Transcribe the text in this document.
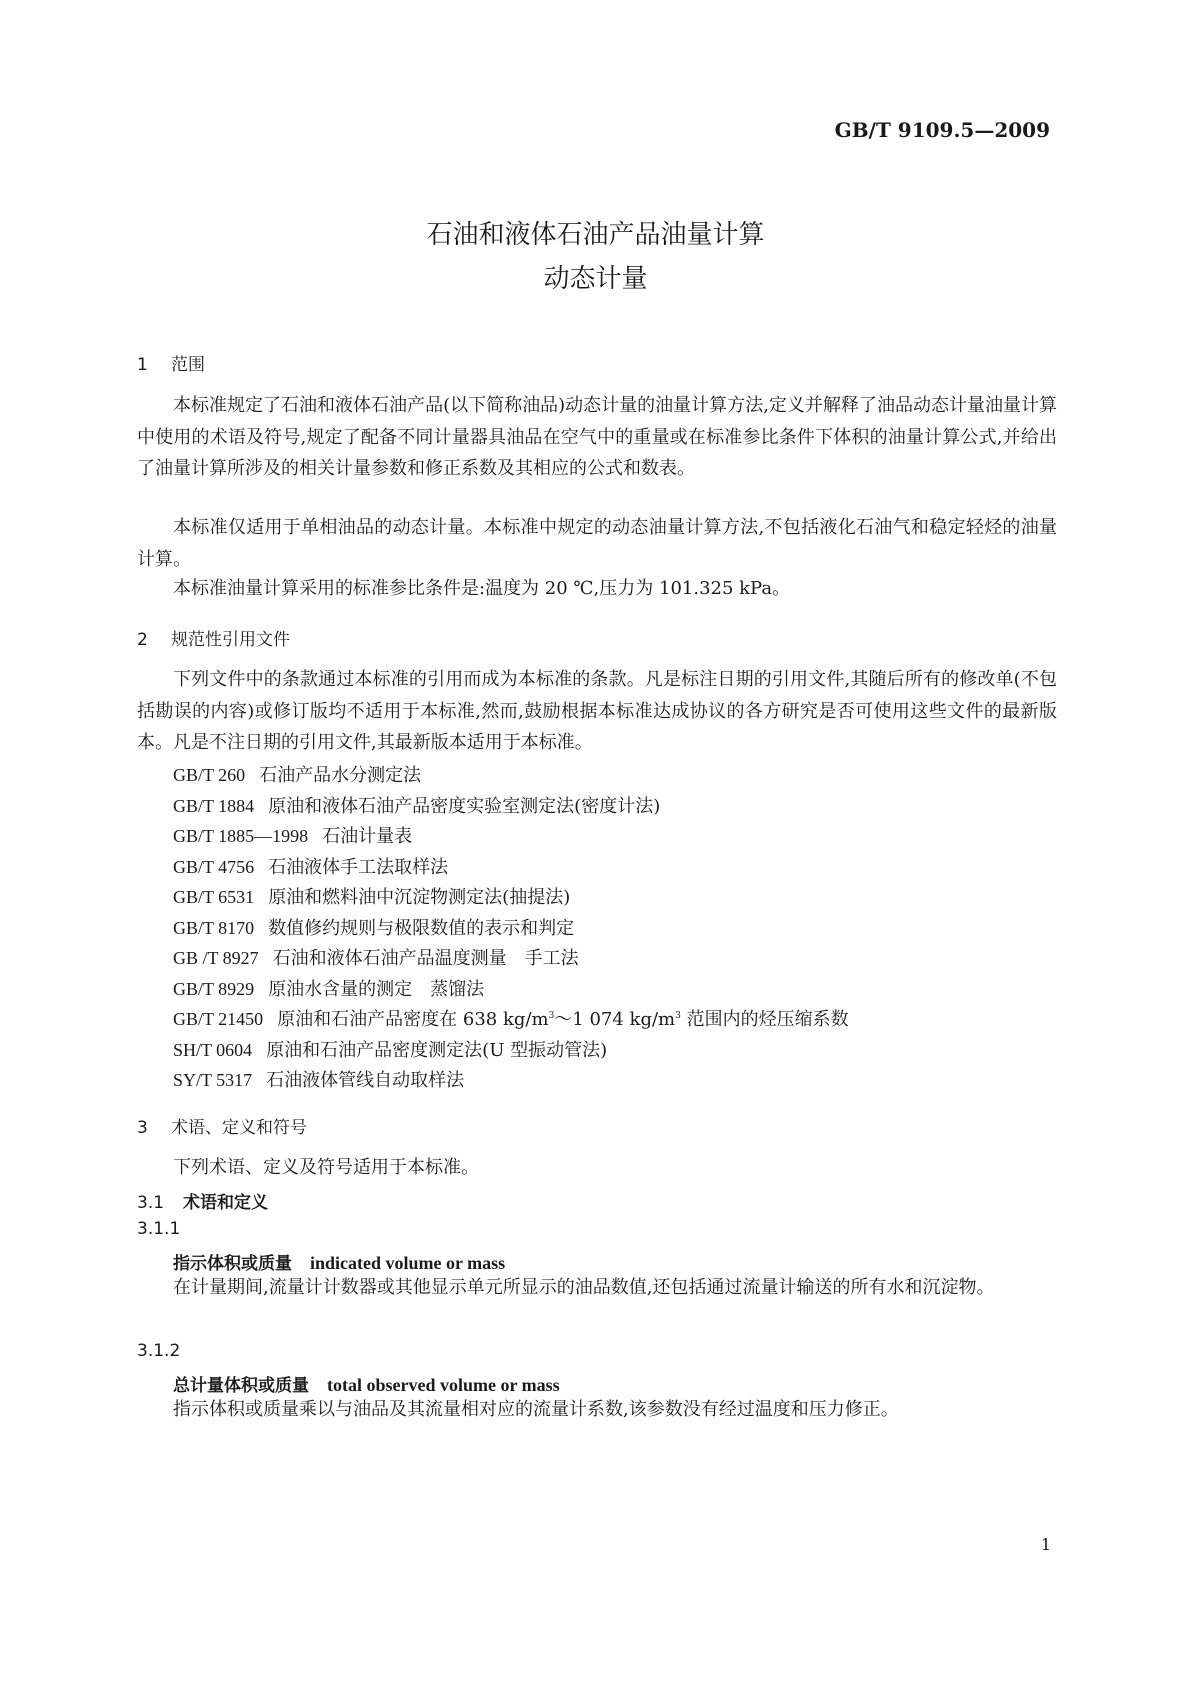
GB/T 9109.5—2009
石油和液体石油产品油量计算
动态计量
1 范围
本标准规定了石油和液体石油产品(以下简称油品)动态计量的油量计算方法,定义并解释了油品动态计量油量计算中使用的术语及符号,规定了配备不同计量器具油品在空气中的重量或在标准参比条件下体积的油量计算公式,并给出了油量计算所涉及的相关计量参数和修正系数及其相应的公式和数表。
本标准仅适用于单相油品的动态计量。本标准中规定的动态油量计算方法,不包括液化石油气和稳定轻烃的油量计算。
本标准油量计算采用的标准参比条件是:温度为 20 ℃,压力为 101.325 kPa。
2 规范性引用文件
下列文件中的条款通过本标准的引用而成为本标准的条款。凡是标注日期的引用文件,其随后所有的修改单(不包括勘误的内容)或修订版均不适用于本标准,然而,鼓励根据本标准达成协议的各方研究是否可使用这些文件的最新版本。凡是不注日期的引用文件,其最新版本适用于本标准。
GB/T 260 石油产品水分测定法
GB/T 1884 原油和液体石油产品密度实验室测定法(密度计法)
GB/T 1885—1998 石油计量表
GB/T 4756 石油液体手工法取样法
GB/T 6531 原油和燃料油中沉淀物测定法(抽提法)
GB/T 8170 数值修约规则与极限数值的表示和判定
GB /T 8927 石油和液体石油产品温度测量　手工法
GB/T 8929 原油水含量的测定　蒸馏法
GB/T 21450 原油和石油产品密度在 638 $kg/m^3\sim 1$ 074 $kg/m^3$ 范围内的烃压缩系数
SH/T 0604 原油和石油产品密度测定法(U 型振动管法)
SY/T 5317 石油液体管线自动取样法
3 术语、定义和符号
下列术语、定义及符号适用于本标准。
3.1 术语和定义
3.1.1
指示体积或质量 indicated volume or mass
在计量期间,流量计计数器或其他显示单元所显示的油品数值,还包括通过流量计输送的所有水和沉淀物。
3.1.2
总计量体积或质量 total observed volume or mass
指示体积或质量乘以与油品及其流量相对应的流量计系数,该参数没有经过温度和压力修正。
1
